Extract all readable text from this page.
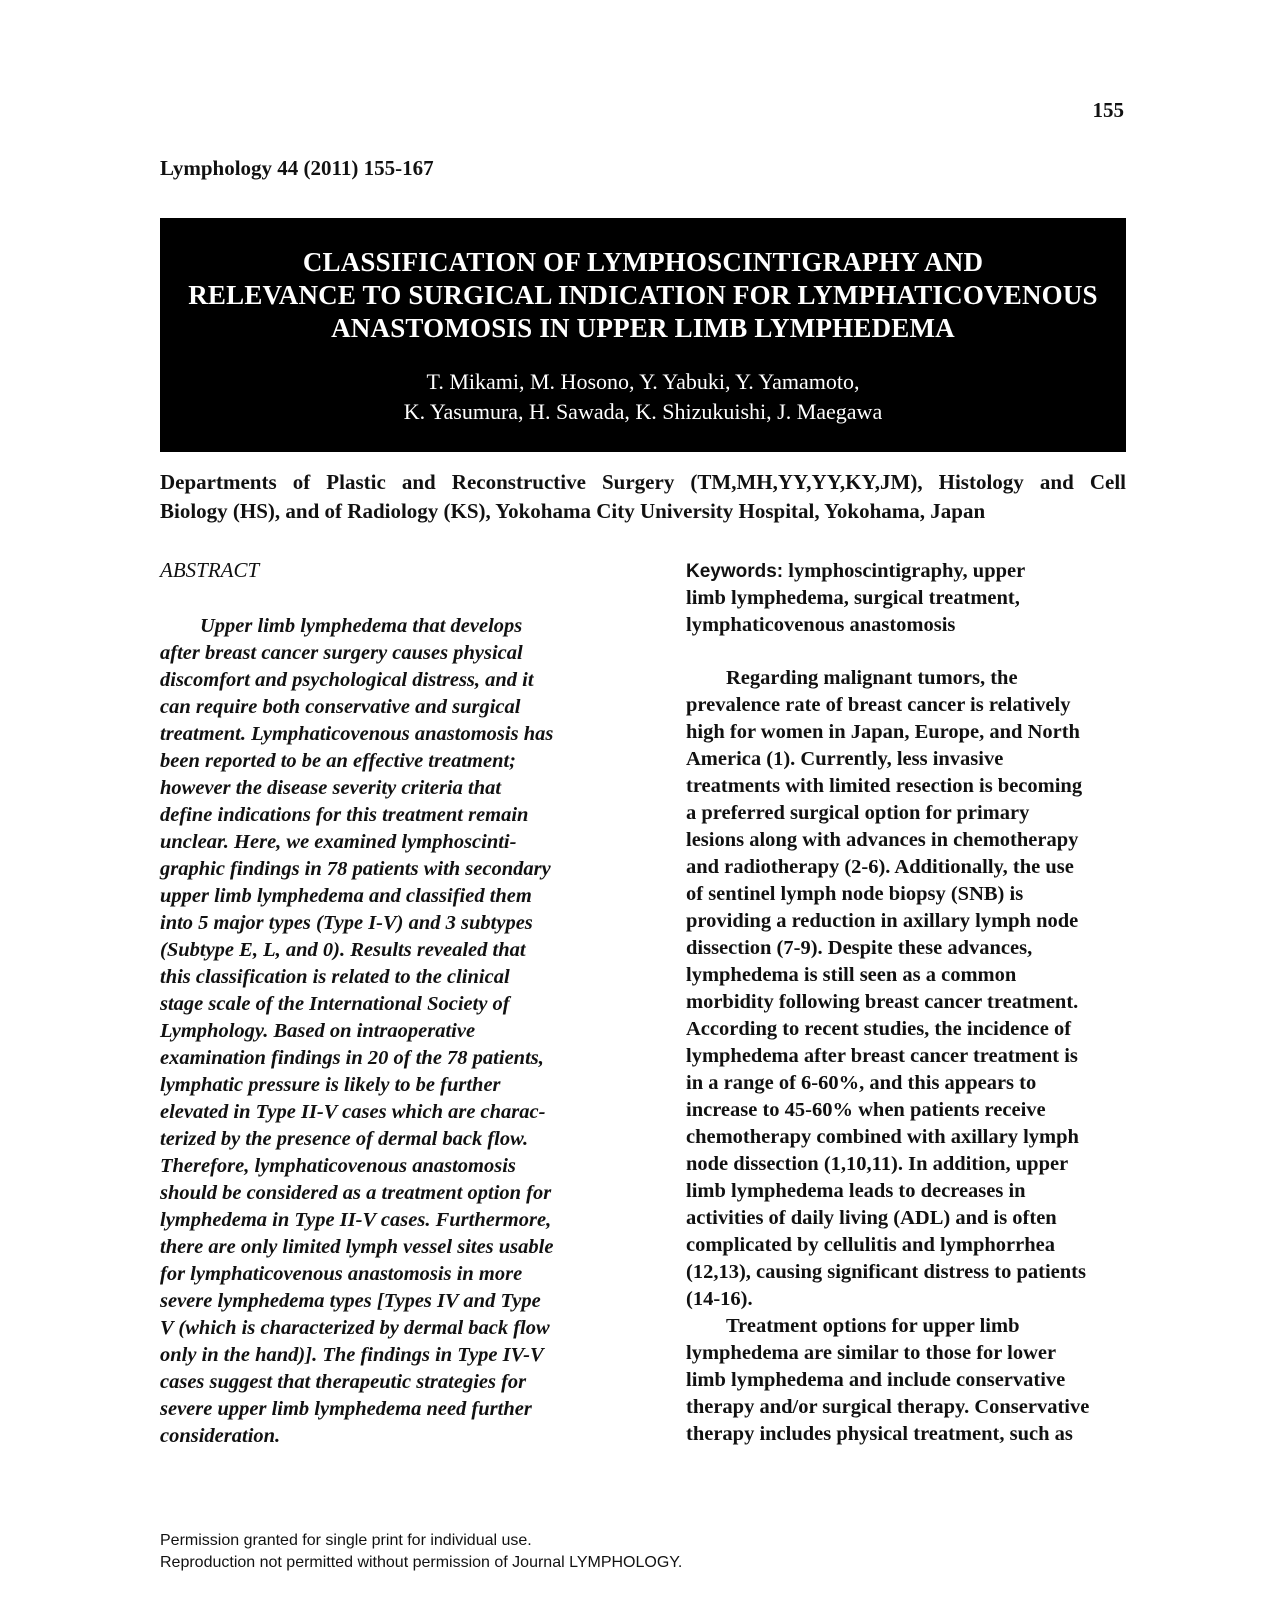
155
Lymphology 44 (2011) 155-167
CLASSIFICATION OF LYMPHOSCINTIGRAPHY AND
RELEVANCE TO SURGICAL INDICATION FOR LYMPHATICOVENOUS
ANASTOMOSIS IN UPPER LIMB LYMPHEDEMA
T. Mikami, M. Hosono, Y. Yabuki, Y. Yamamoto,
K. Yasumura, H. Sawada, K. Shizukuishi, J. Maegawa
Departments of Plastic and Reconstructive Surgery (TM,MH,YY,YY,KY,JM), Histology and Cell
Biology (HS), and of Radiology (KS), Yokohama City University Hospital, Yokohama, Japan
ABSTRACT
Upper limb lymphedema that develops
after breast cancer surgery causes physical
discomfort and psychological distress, and it
can require both conservative and surgical
treatment. Lymphaticovenous anastomosis has
been reported to be an effective treatment;
however the disease severity criteria that
define indications for this treatment remain
unclear. Here, we examined lymphoscinti-
graphic findings in 78 patients with secondary
upper limb lymphedema and classified them
into 5 major types (Type I-V) and 3 subtypes
(Subtype E, L, and 0). Results revealed that
this classification is related to the clinical
stage scale of the International Society of
Lymphology. Based on intraoperative
examination findings in 20 of the 78 patients,
lymphatic pressure is likely to be further
elevated in Type II-V cases which are charac-
terized by the presence of dermal back flow.
Therefore, lymphaticovenous anastomosis
should be considered as a treatment option for
lymphedema in Type II-V cases. Furthermore,
there are only limited lymph vessel sites usable
for lymphaticovenous anastomosis in more
severe lymphedema types [Types IV and Type
V (which is characterized by dermal back flow
only in the hand)]. The findings in Type IV-V
cases suggest that therapeutic strategies for
severe upper limb lymphedema need further
consideration.
Keywords: lymphoscintigraphy, upper
limb lymphedema, surgical treatment,
lymphaticovenous anastomosis
Regarding malignant tumors, the
prevalence rate of breast cancer is relatively
high for women in Japan, Europe, and North
America (1). Currently, less invasive
treatments with limited resection is becoming
a preferred surgical option for primary
lesions along with advances in chemotherapy
and radiotherapy (2-6). Additionally, the use
of sentinel lymph node biopsy (SNB) is
providing a reduction in axillary lymph node
dissection (7-9). Despite these advances,
lymphedema is still seen as a common
morbidity following breast cancer treatment.
According to recent studies, the incidence of
lymphedema after breast cancer treatment is
in a range of 6-60%, and this appears to
increase to 45-60% when patients receive
chemotherapy combined with axillary lymph
node dissection (1,10,11). In addition, upper
limb lymphedema leads to decreases in
activities of daily living (ADL) and is often
complicated by cellulitis and lymphorrhea
(12,13), causing significant distress to patients
(14-16).
Treatment options for upper limb
lymphedema are similar to those for lower
limb lymphedema and include conservative
therapy and/or surgical therapy. Conservative
therapy includes physical treatment, such as
Permission granted for single print for individual use.
Reproduction not permitted without permission of Journal LYMPHOLOGY.
